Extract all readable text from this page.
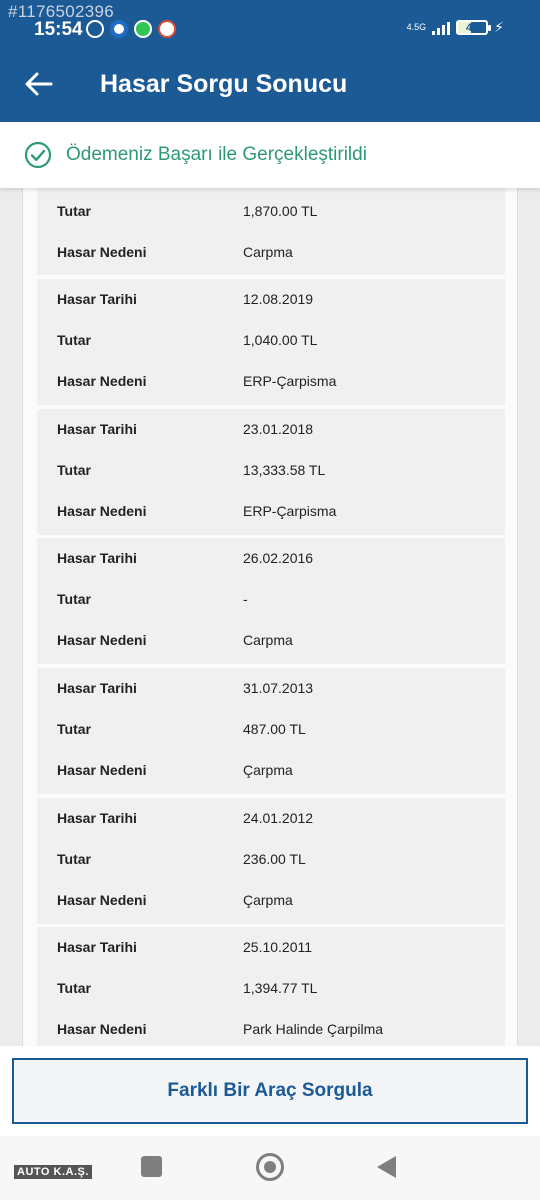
#1176502396
15:54	4.5G	46 ⚡
Hasar Sorgu Sonucu
Ödemeniz Başarı ile Gerçekleştirildi
Tutar	1,870.00 TL
Hasar Nedeni	Carpma
Hasar Tarihi	12.08.2019
Tutar	1,040.00 TL
Hasar Nedeni	ERP-Çarpisma
Hasar Tarihi	23.01.2018
Tutar	13,333.58 TL
Hasar Nedeni	ERP-Çarpisma
Hasar Tarihi	26.02.2016
Tutar	-
Hasar Nedeni	Carpma
Hasar Tarihi	31.07.2013
Tutar	487.00 TL
Hasar Nedeni	Çarpma
Hasar Tarihi	24.01.2012
Tutar	236.00 TL
Hasar Nedeni	Çarpma
Hasar Tarihi	25.10.2011
Tutar	1,394.77 TL
Hasar Nedeni	Park Halinde Çarpilma
Farklı Bir Araç Sorgula
AUTO K.A.Ş.
